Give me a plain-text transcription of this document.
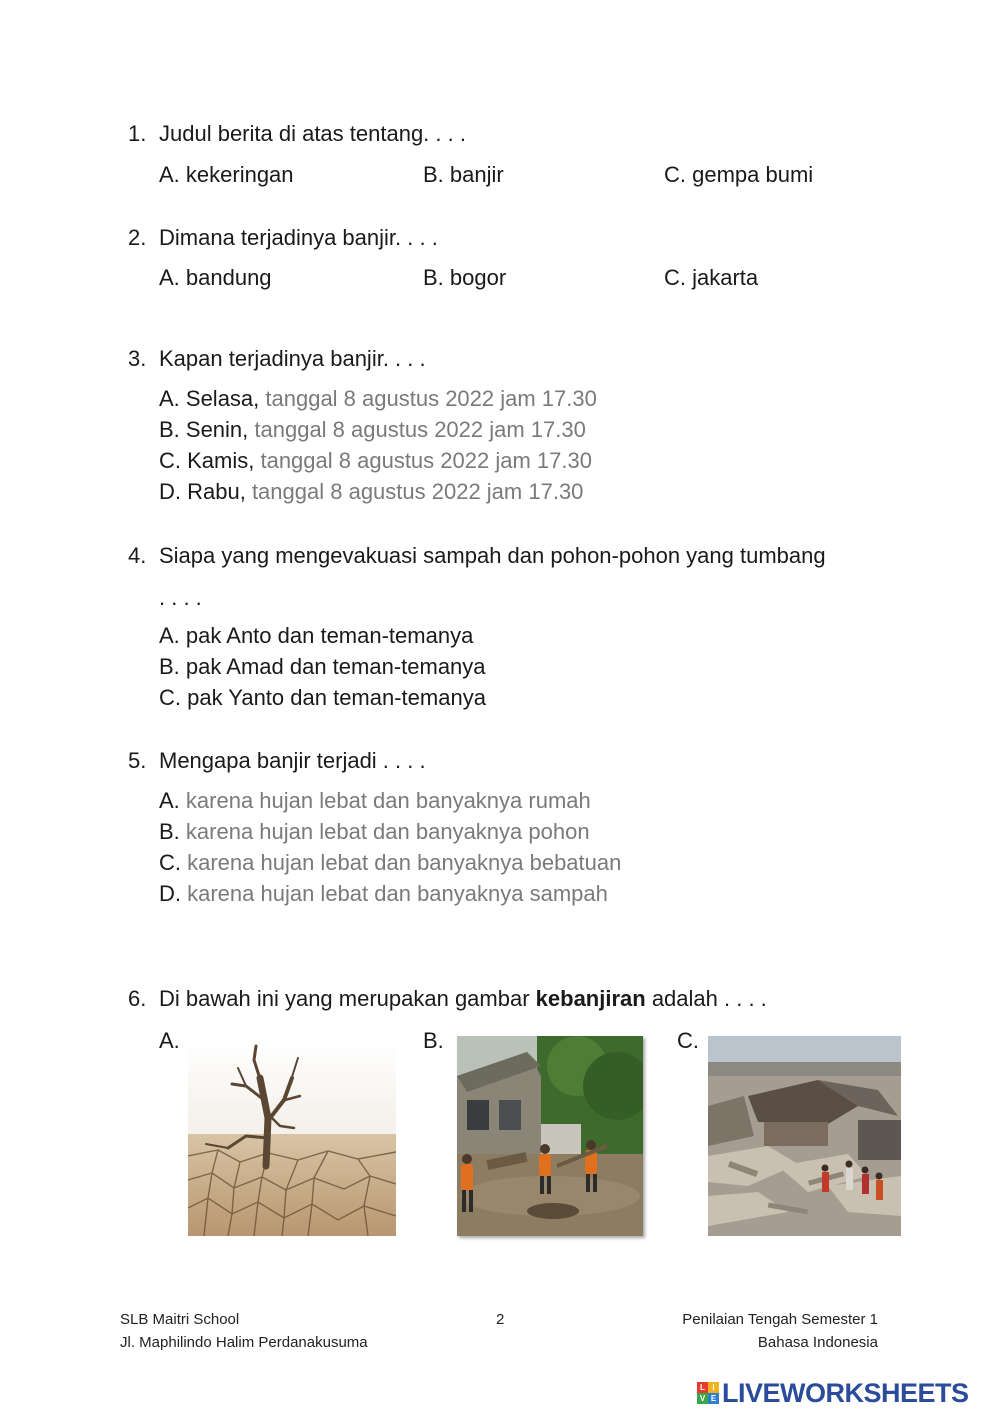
1. Judul berita di atas tentang. . . .
A. kekeringan	B. banjir	C. gempa bumi
2. Dimana terjadinya banjir. . . .
A. bandung	B. bogor	C. jakarta
3. Kapan terjadinya banjir. . . .
A. Selasa, tanggal 8 agustus 2022 jam 17.30
B. Senin, tanggal 8 agustus 2022 jam 17.30
C. Kamis, tanggal 8 agustus 2022 jam 17.30
D. Rabu, tanggal 8 agustus 2022 jam 17.30
4. Siapa yang mengevakuasi sampah dan pohon-pohon yang tumbang
. . . .
A. pak Anto dan teman-temanya
B. pak Amad dan teman-temanya
C. pak Yanto dan teman-temanya
5. Mengapa banjir terjadi . . . .
A. karena hujan lebat dan banyaknya rumah
B. karena hujan lebat dan banyaknya pohon
C. karena hujan lebat dan banyaknya bebatuan
D. karena hujan lebat dan banyaknya sampah
6. Di bawah ini yang merupakan gambar kebanjiran adalah . . . .
A.	B.	C.
SLB Maitri School
Jl. Maphilindo Halim Perdanakusuma
2	Penilaian Tengah Semester 1
Bahasa Indonesia
L I
V E LIVEWORKSHEETS
